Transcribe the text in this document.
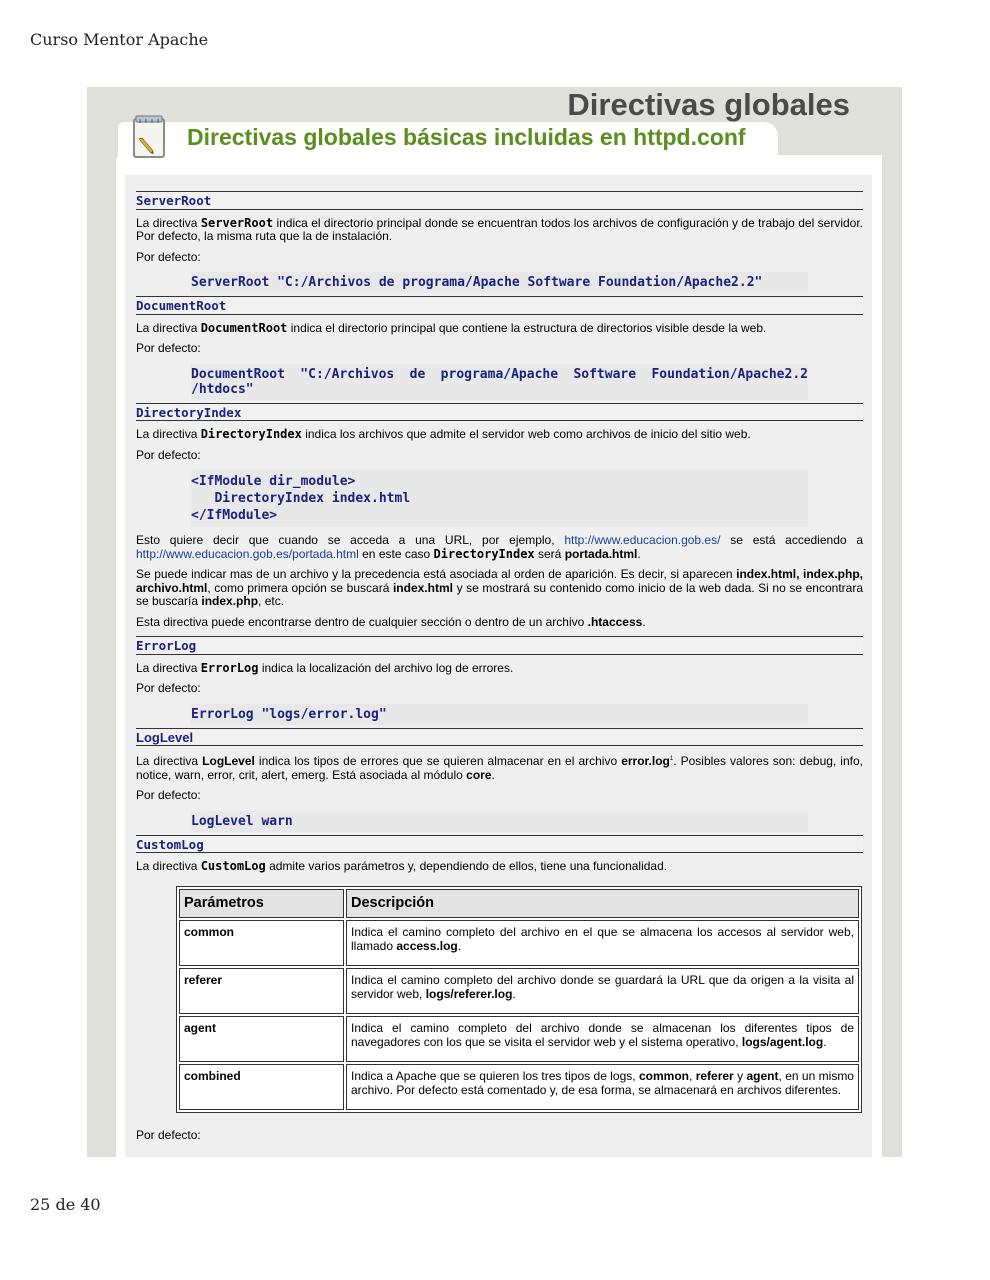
Curso Mentor Apache
Directivas globales
Directivas globales básicas incluidas en httpd.conf
ServerRoot

La directiva ServerRoot indica el directorio principal donde se encuentran todos los archivos de configuración y de trabajo del servidor. Por defecto, la misma ruta que la de instalación.

Por defecto:

ServerRoot "C:/Archivos de programa/Apache Software Foundation/Apache2.2"
DocumentRoot

La directiva DocumentRoot indica el directorio principal que contiene la estructura de directorios visible desde la web.

Por defecto:

DocumentRoot "C:/Archivos de programa/Apache Software Foundation/Apache2.2 /htdocs"
DirectoryIndex

La directiva DirectoryIndex indica los archivos que admite el servidor web como archivos de inicio del sitio web.

Por defecto:

<IfModule dir_module>
DirectoryIndex index.html
</IfModule>

Esto quiere decir que cuando se acceda a una URL, por ejemplo, http://www.educacion.gob.es/ se está accediendo a http://www.educacion.gob.es/portada.html en este caso DirectoryIndex será portada.html.

Se puede indicar mas de un archivo y la precedencia está asociada al orden de aparición. Es decir, si aparecen index.html, index.php, archivo.html, como primera opción se buscará index.html y se mostrará su contenido como inicio de la web dada. Si no se encontrara se buscaría index.php, etc.

Esta directiva puede encontrarse dentro de cualquier sección o dentro de un archivo .htaccess.

ErrorLog

La directiva ErrorLog indica la localización del archivo log de errores.

Por defecto:

ErrorLog "logs/error.log"
LogLevel

La directiva LogLevel indica los tipos de errores que se quieren almacenar en el archivo $error.\log^1$. Posibles valores son: debug, info, notice, warn, error, crit, alert, emerg. Está asociada al módulo core.

Por defecto:

LogLevel warn
CustomLog

La directiva CustomLog admite varios parámetros y, dependiendo de ellos, tiene una funcionalidad.

Parámetros	Descripción
common	Indica el camino completo del archivo en el que se almacena los accesos al servidor web, llamado access.log.
referer	Indica el camino completo del archivo donde se guardará la URL que da origen a la visita al servidor web, logs/referer.log.
agent	Indica el camino completo del archivo donde se almacenan los diferentes tipos de navegadores con los que se visita el servidor web y el sistema operativo, logs/agent.log.
combined	Indica a Apache que se quieren los tres tipos de logs, common, referer y agent, en un mismo archivo. Por defecto está comentado y, de esa forma, se almacenará en archivos diferentes.

Por defecto:

25 de 40
